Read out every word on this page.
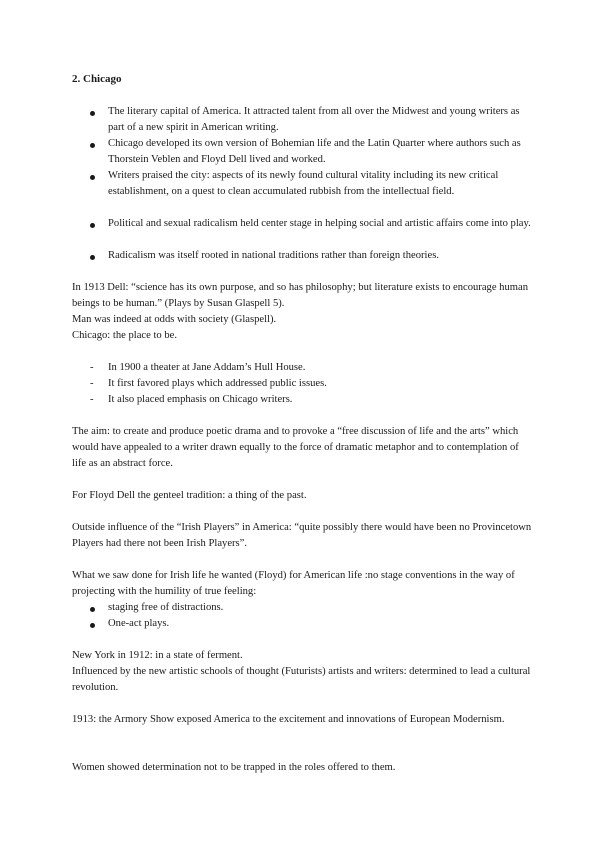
2. Chicago
The literary capital of America. It attracted talent from all over the Midwest and young writers as part of a new spirit in American writing.
Chicago developed its own version of Bohemian life and the Latin Quarter where authors such as Thorstein Veblen and Floyd Dell lived and worked.
Writers praised the city: aspects of its newly found cultural vitality including its new critical establishment, on a quest to clean accumulated rubbish from the intellectual field.
Political and sexual radicalism held center stage in helping social and artistic affairs come into play.
Radicalism was itself rooted in national traditions rather than foreign theories.
In 1913 Dell: “science has its own purpose, and so has philosophy; but literature exists to encourage human beings to be human.” (Plays by Susan Glaspell 5).
Man was indeed at odds with society (Glaspell).
Chicago: the place to be.
- In 1900 a theater at Jane Addam’s Hull House.
- It first favored plays which addressed public issues.
- It also placed emphasis on Chicago writers.
The aim: to create and produce poetic drama and to provoke a “free discussion of life and the arts” which would have appealed to a writer drawn equally to the force of dramatic metaphor and to contemplation of life as an abstract force.
For Floyd Dell the genteel tradition: a thing of the past.
Outside influence of the “Irish Players” in America: “quite possibly there would have been no Provincetown Players had there not been Irish Players”.
What we saw done for Irish life he wanted (Floyd) for American life :no stage conventions in the way of projecting with the humility of true feeling:
staging free of distractions.
One-act plays.
New York in 1912: in a state of ferment.
Influenced by the new artistic schools of thought (Futurists) artists and writers: determined to lead a cultural revolution.
1913: the Armory Show exposed America to the excitement and innovations of European Modernism.
Women showed determination not to be trapped in the roles offered to them.
